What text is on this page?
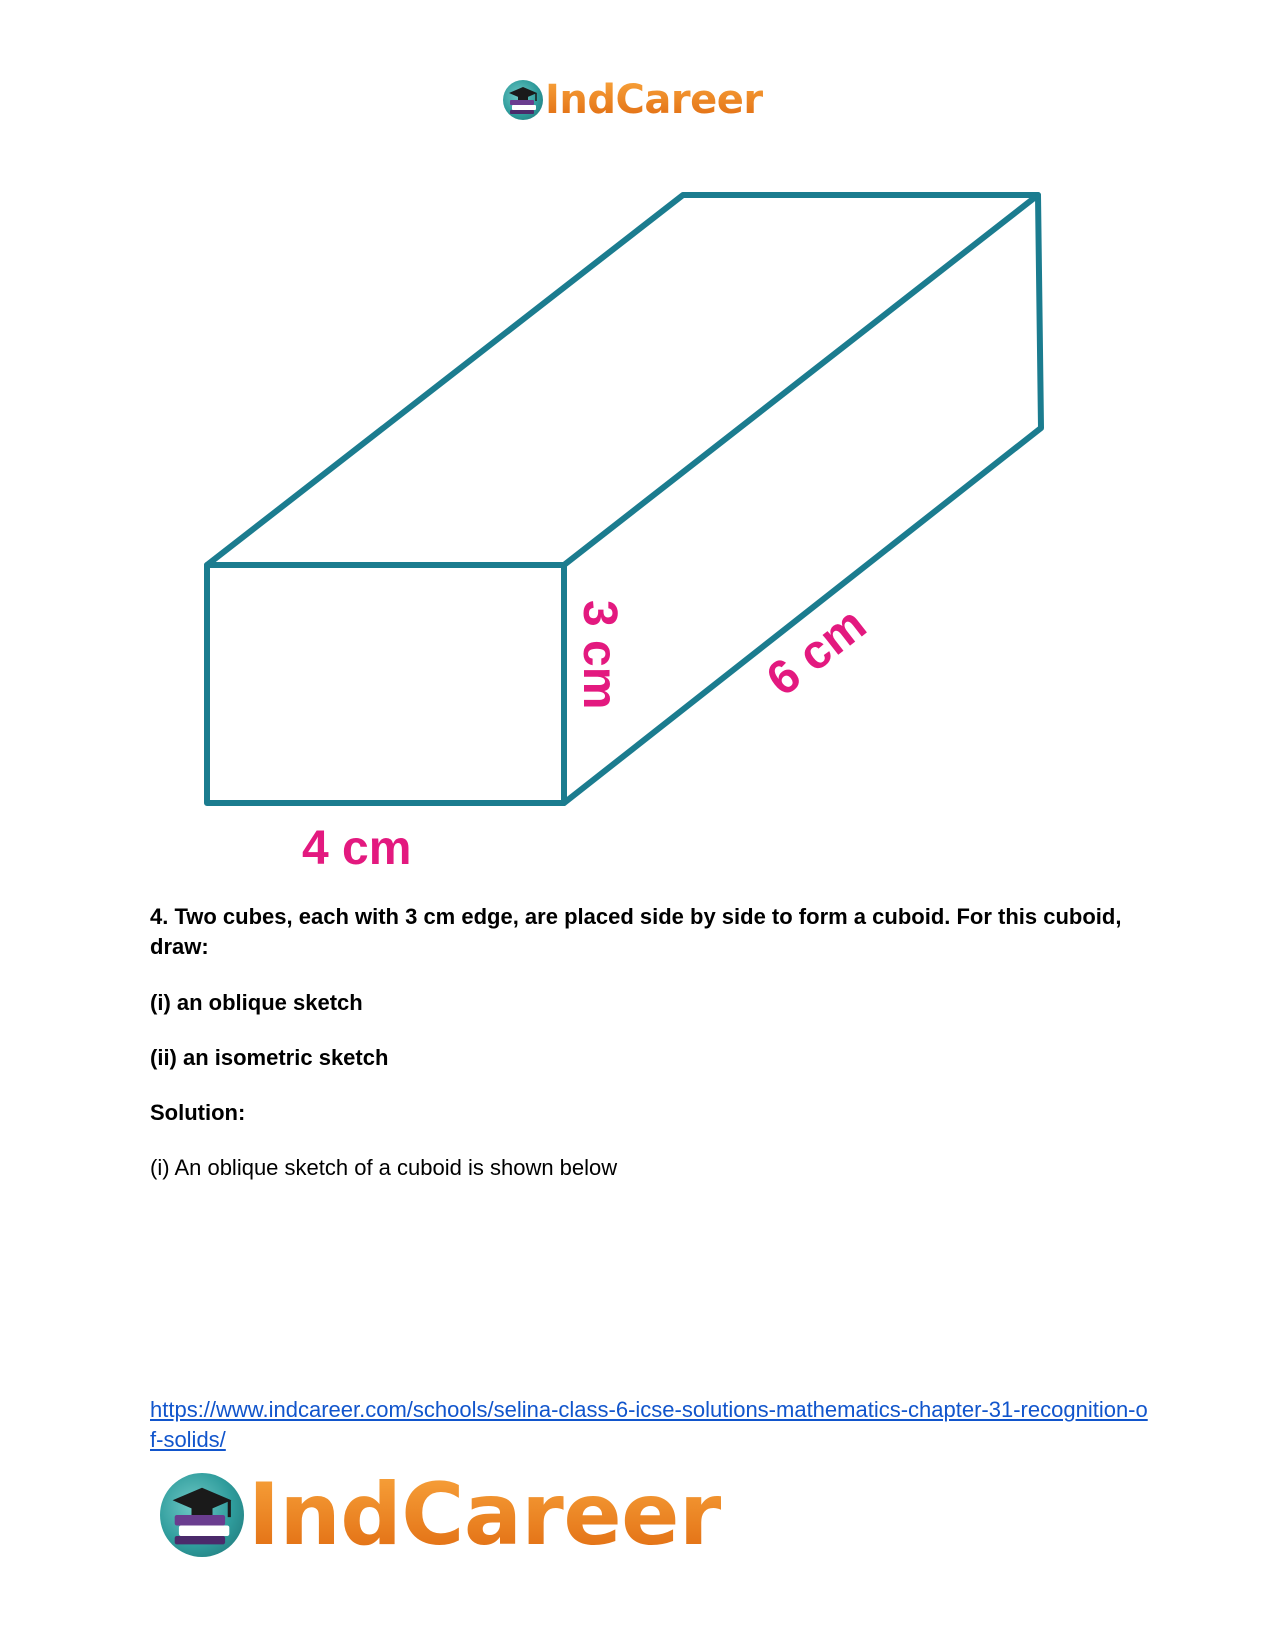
IndCareer
3 cm	6 cm
4 cm
4. Two cubes, each with 3 cm edge, are placed side by side to form a cuboid. For this cuboid, draw:
(i) an oblique sketch
(ii) an isometric sketch
Solution:
(i) An oblique sketch of a cuboid is shown below
https://www.indcareer.com/schools/selina-class-6-icse-solutions-mathematics-chapter-31-recognition-of-solids/
IndCareer
